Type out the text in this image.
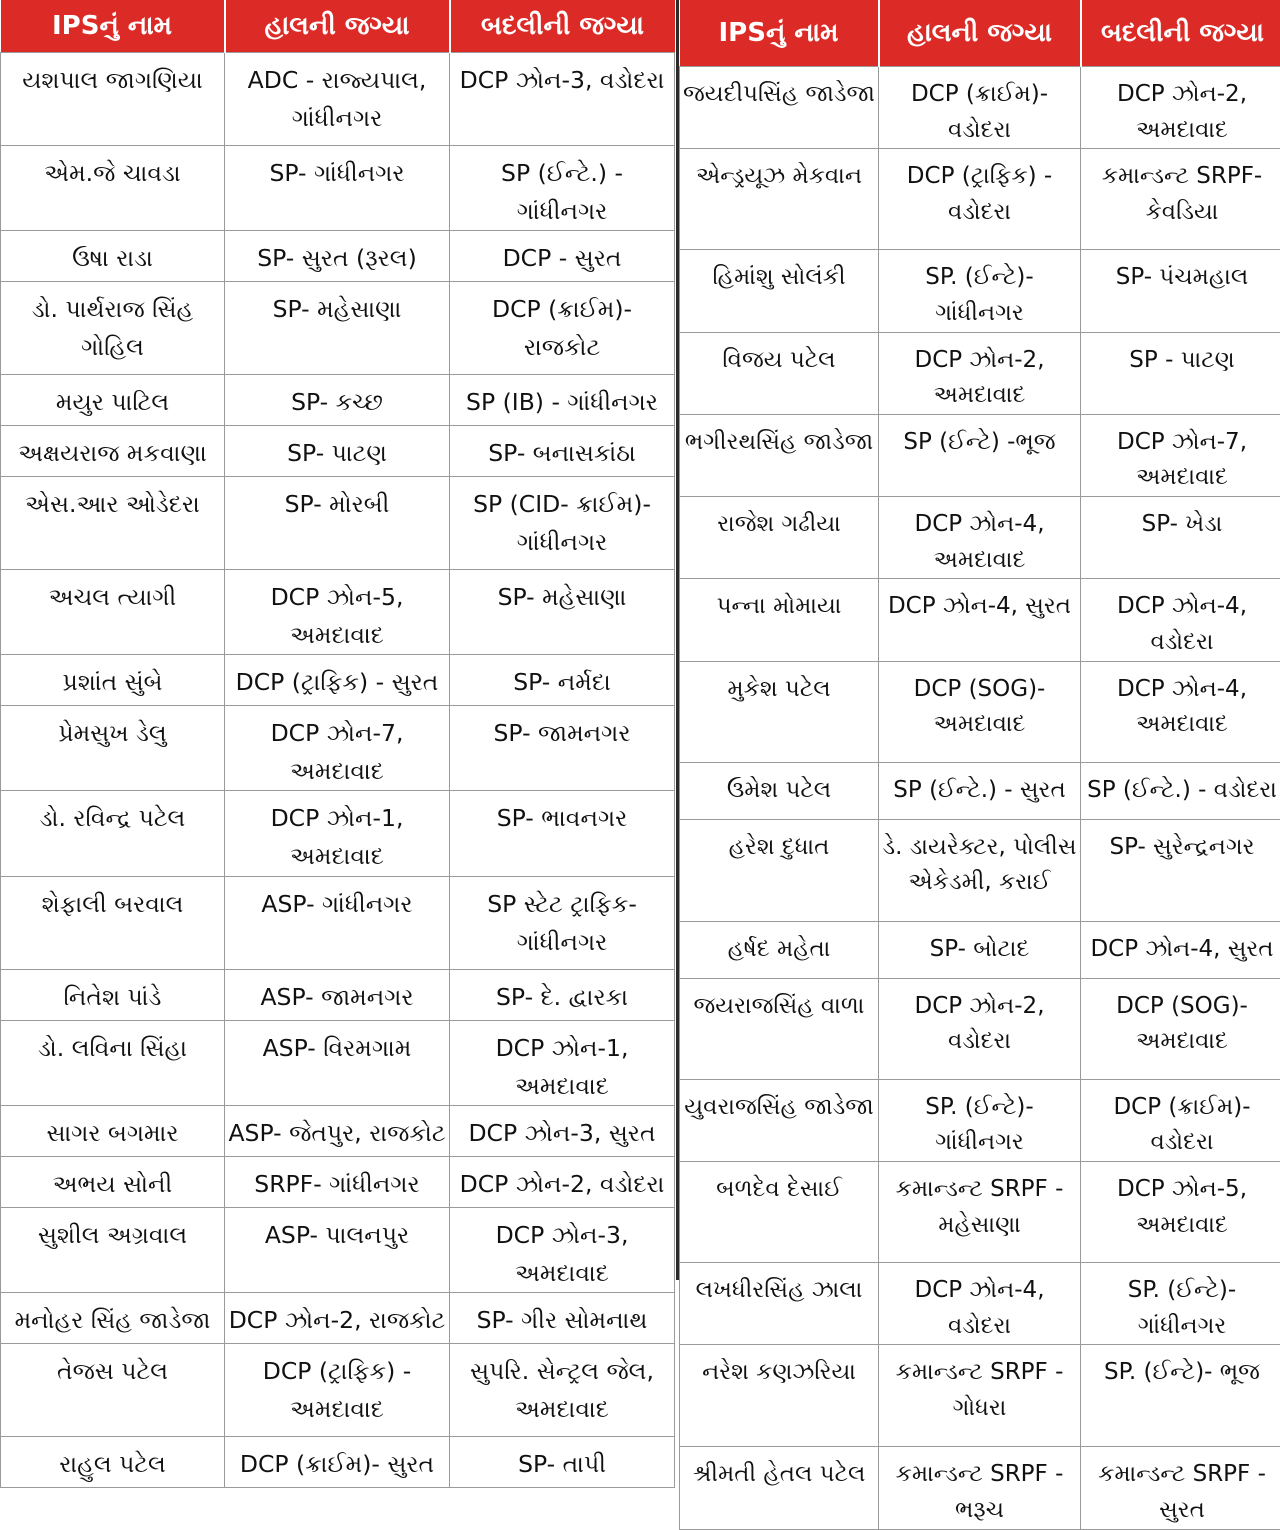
IPSનું નામ	હાલની જગ્યા	બદલીની જગ્યા
યશપાલ જાગણિયા	ADC - રાજ્યપાલ, ગાંધીનગર	DCP ઝોન-3, વડોદરા
એમ.જે ચાવડા	SP- ગાંધીનગર	SP (ઈન્ટે.) - ગાંધીનગર
ઉષા રાડા	SP- સુરત (રૂરલ)	DCP - સુરત
ડો. પાર્થરાજ સિંહ ગોહિલ	SP- મહેસાણા	DCP (ક્રાઈમ)- રાજકોટ
મયુર પાટિલ	SP- કચ્છ	SP (IB) - ગાંધીનગર
અક્ષયરાજ મકવાણા	SP- પાટણ	SP- બનાસકાંઠા
એસ.આર ઓડેદરા	SP- મોરબી	SP (CID- ક્રાઈમ)- ગાંધીનગર
અચલ ત્યાગી	DCP ઝોન-5, અમદાવાદ	SP- મહેસાણા
પ્રશાંત સુંબે	DCP (ટ્રાફિક) - સુરત	SP- નર્મદા
પ્રેમસુખ ડેલુ	DCP ઝોન-7, અમદાવાદ	SP- જામનગર
ડો. રવિન્દ્ર પટેલ	DCP ઝોન-1, અમદાવાદ	SP- ભાવનગર
શેફાલી બરવાલ	ASP- ગાંધીનગર	SP સ્ટેટ ટ્રાફિક- ગાંધીનગર
નિતેશ પાંડે	ASP- જામનગર	SP- દે. દ્વારકા
ડો. લવિના સિંહા	ASP- વિરમગામ	DCP ઝોન-1, અમદાવાદ
સાગર બગમાર	ASP- જેતપુર, રાજકોટ	DCP ઝોન-3, સુરત
અભય સોની	SRPF- ગાંધીનગર	DCP ઝોન-2, વડોદરા
સુશીલ અગ્રવાલ	ASP- પાલનપુર	DCP ઝોન-3, અમદાવાદ
મનોહર સિંહ જાડેજા	DCP ઝોન-2, રાજકોટ	SP- ગીર સોમનાથ
તેજસ પટેલ	DCP (ટ્રાફિક) - અમદાવાદ	સુપરિ. સેન્ટ્રલ જેલ, અમદાવાદ
રાહુલ પટેલ	DCP (ક્રાઈમ)- સુરત	SP- તાપી
IPSનું નામ	હાલની જગ્યા	બદલીની જગ્યા
જયદીપસિંહ જાડેજા	DCP (ક્રાઈમ)- વડોદરા	DCP ઝોન-2, અમદાવાદ
એન્ડ્રયૂઝ મેકવાન	DCP (ટ્રાફિક) - વડોદરા	કમાન્ડન્ટ SRPF- કેવડિયા
હિમાંશુ સોલંકી	SP. (ઈન્ટે)- ગાંધીનગર	SP- પંચમહાલ
વિજય પટેલ	DCP ઝોન-2, અમદાવાદ	SP - પાટણ
ભગીરથસિંહ જાડેજા	SP (ઈન્ટે) -ભૂજ	DCP ઝોન-7, અમદાવાદ
રાજેશ ગઢીયા	DCP ઝોન-4, અમદાવાદ	SP- ખેડા
પન્ના મોમાયા	DCP ઝોન-4, સુરત	DCP ઝોન-4, વડોદરા
મુકેશ પટેલ	DCP (SOG)- અમદાવાદ	DCP ઝોન-4, અમદાવાદ
ઉમેશ પટેલ	SP (ઈન્ટે.) - સુરત	SP (ઈન્ટે.) - વડોદરા
હરેશ દુધાત	ડે. ડાયરેક્ટર, પોલીસ એકેડમી, કરાઈ	SP- સુરેન્દ્રનગર
હર્ષદ મહેતા	SP- બોટાદ	DCP ઝોન-4, સુરત
જયરાજસિંહ વાળા	DCP ઝોન-2, વડોદરા	DCP (SOG)- અમદાવાદ
યુવરાજસિંહ જાડેજા	SP. (ઈન્ટે)- ગાંધીનગર	DCP (ક્રાઈમ)- વડોદરા
બળદેવ દેસાઈ	કમાન્ડન્ટ SRPF - મહેસાણા	DCP ઝોન-5, અમદાવાદ
લખધીરસિંહ ઝાલા	DCP ઝોન-4, વડોદરા	SP. (ઈન્ટે)- ગાંધીનગર
નરેશ કણઝરિયા	કમાન્ડન્ટ SRPF - ગોધરા	SP. (ઈન્ટે)- ભૂજ
શ્રીમતી હેતલ પટેલ	કમાન્ડન્ટ SRPF - ભરૂચ	કમાન્ડન્ટ SRPF - સુરત
